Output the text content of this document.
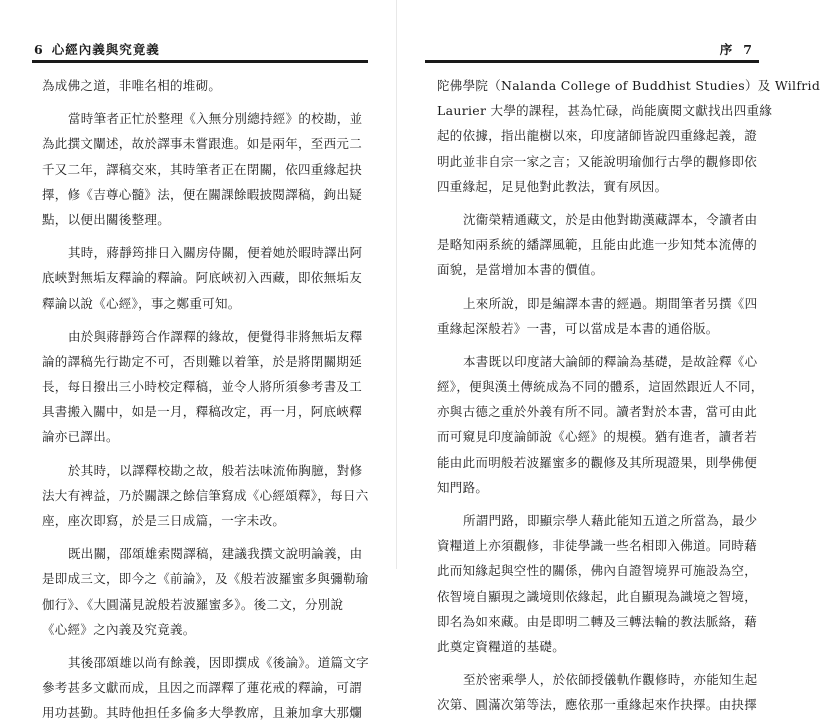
6 心經內義與究竟義
為成佛之道，非唯名相的堆砌。
當時筆者正忙於整理《入無分別總持經》的校勘，並
為此撰文闡述，故於譯事未嘗跟進。如是兩年，至西元二
千又二年，譯稿交來，其時筆者正在閉關，依四重緣起抉
擇，修《吉尊心髓》法，便在關課餘暇披閱譯稿，鉤出疑
點，以便出關後整理。
其時，蔣靜筠排日入關房侍關，便着她於暇時譯出阿
底峽對無垢友釋論的釋論。阿底峽初入西藏，即依無垢友
釋論以說《心經》，事之鄭重可知。
由於與蔣靜筠合作譯釋的緣故，便覺得非將無垢友釋
論的譯稿先行勘定不可，否則難以着筆，於是將閉關期延
長，每日撥出三小時校定釋稿，並令人將所須參考書及工
具書搬入關中，如是一月，釋稿改定，再一月，阿底峽釋
論亦已譯出。
於其時，以譯釋校勘之故，般若法味流佈胸臆，對修
法大有裨益，乃於關課之餘信筆寫成《心經頌釋》，每日六
座，座次即寫，於是三日成篇，一字未改。
既出關，邵頌雄索閱譯稿，建議我撰文說明論義，由
是即成三文，即今之《前論》，及《般若波羅蜜多與彌勒瑜
伽行》、《大圓滿見說般若波羅蜜多》。後二文，分別說
《心經》之內義及究竟義。
其後邵頌雄以尚有餘義，因即撰成《後論》。道篇文字
參考甚多文獻而成，且因之而譯釋了蓮花戒的釋論，可謂
用功甚勤。其時他担任多倫多大學教席，且兼加拿大那爛
序 7
陀佛學院（Nalanda College of Buddhist Studies）及 Wilfrid
Laurier 大學的課程，甚為忙碌，尚能廣閱文獻找出四重緣
起的依據，指出龍樹以來，印度諸師皆說四重緣起義，證
明此並非自宗一家之言；又能說明瑜伽行古學的觀修即依
四重緣起，足見他對此教法，實有夙因。
沈衞榮精通藏文，於是由他對勘漢藏譯本，令讀者由
是略知兩系統的繙譯風範，且能由此進一步知梵本流傳的
面貌，是當增加本書的價值。
上來所說，即是編譯本書的經過。期間筆者另撰《四
重緣起深般若》一書，可以當成是本書的通俗版。
本書既以印度諸大論師的釋論為基礎，是故詮釋《心
經》，便與漢土傳統成為不同的體系，這固然跟近人不同，
亦與古德之重於外義有所不同。讀者對於本書，當可由此
而可窺見印度論師說《心經》的規模。猶有進者，讀者若
能由此而明般若波羅蜜多的觀修及其所現證果，則學佛便
知門路。
所謂門路，即顯宗學人藉此能知五道之所當為，最少
資糧道上亦須觀修，非徒學識一些名相即入佛道。同時藉
此而知緣起與空性的關係，佛內自證智境界可施設為空，
依智境自顯現之識境則依緣起，此自顯現為識境之智境，
即名為如來藏。由是即明二轉及三轉法輪的教法脈絡，藉
此奠定資糧道的基礎。
至於密乘學人，於依師授儀軌作觀修時，亦能知生起
次第、圓滿次第等法，應依那一重緣起來作抉擇。由抉擇
